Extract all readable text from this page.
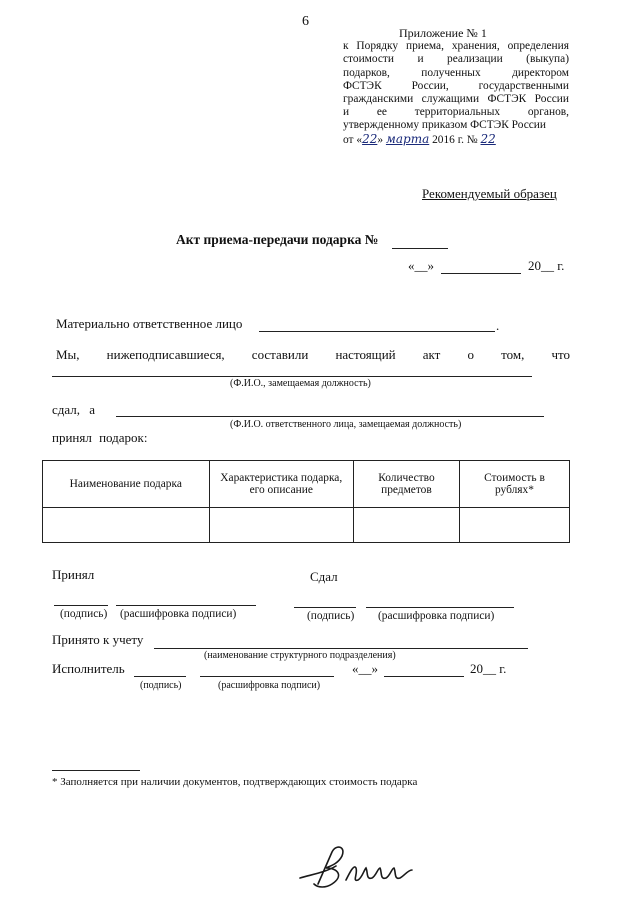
6
Приложение № 1
к Порядку приема, хранения, определения
стоимости и реализации (выкупа)
подарков, полученных директором
ФСТЭК России, государственными
гражданскими служащими ФСТЭК России
и ее территориальных органов,
утвержденному приказом ФСТЭК России
от «22» марта 2016 г. № 22
Рекомендуемый образец
Акт приема-передачи подарка №
«__»	20__ г.
Материально ответственное лицо	.
Мы, нижеподписавшиеся, составили настоящий акт о том, что
(Ф.И.О., замещаемая должность)
сдал, а
(Ф.И.О. ответственного лица, замещаемая должность)
принял подарок:
Наименование подарка	Характеристика подарка, его описание	Количество предметов	Стоимость в рублях*

Принял	Сдал
(подпись) (расшифровка подписи)	(подпись) (расшифровка подписи)
Принято к учету
(наименование структурного подразделения)
Исполнитель	«__»	20__ г.
(подпись)	(расшифровка подписи)
* Заполняется при наличии документов, подтверждающих стоимость подарка
